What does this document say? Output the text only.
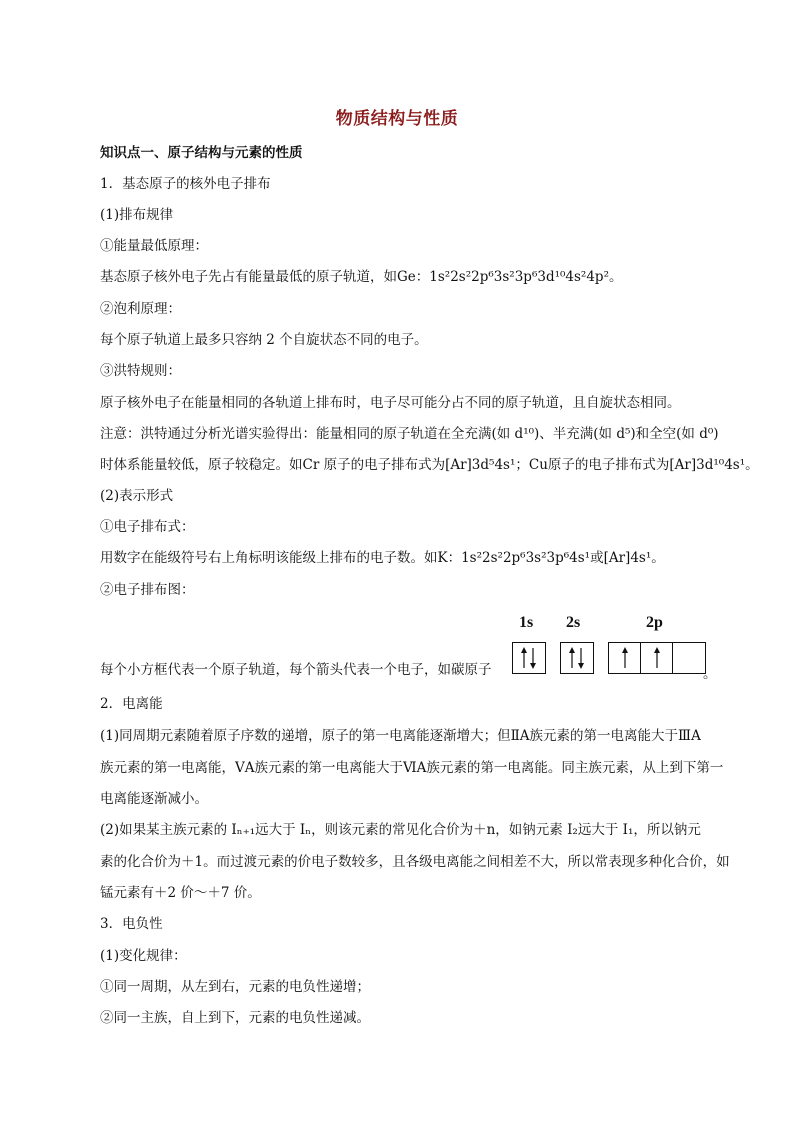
物质结构与性质
知识点一、原子结构与元素的性质
1．基态原子的核外电子排布
(1)排布规律
①能量最低原理：
基态原子核外电子先占有能量最低的原子轨道，如Ge：1s²2s²2p⁶3s²3p⁶3d¹⁰4s²4p²。
②泡利原理：
每个原子轨道上最多只容纳 2 个自旋状态不同的电子。
③洪特规则：
原子核外电子在能量相同的各轨道上排布时，电子尽可能分占不同的原子轨道，且自旋状态相同。
注意：洪特通过分析光谱实验得出：能量相同的原子轨道在全充满(如 d¹⁰)、半充满(如 d⁵)和全空(如 d⁰)
时体系能量较低，原子较稳定。如Cr 原子的电子排布式为[Ar]3d⁵4s¹；Cu原子的电子排布式为[Ar]3d¹⁰4s¹。
(2)表示形式
①电子排布式：
用数字在能级符号右上角标明该能级上排布的电子数。如K：1s²2s²2p⁶3s²3p⁶4s¹或[Ar]4s¹。
②电子排布图：
每个小方框代表一个原子轨道，每个箭头代表一个电子，如碳原子
1s 2s	2p
。
2．电离能
(1)同周期元素随着原子序数的递增，原子的第一电离能逐渐增大；但ⅡA族元素的第一电离能大于ⅢA
族元素的第一电离能，ⅤA族元素的第一电离能大于ⅥA族元素的第一电离能。同主族元素，从上到下第一
电离能逐渐减小。
(2)如果某主族元素的 Iₙ₊₁远大于 Iₙ，则该元素的常见化合价为＋n，如钠元素 I₂远大于 I₁，所以钠元
素的化合价为＋1。而过渡元素的价电子数较多，且各级电离能之间相差不大，所以常表现多种化合价，如
锰元素有＋2 价～＋7 价。
3．电负性
(1)变化规律：
①同一周期，从左到右，元素的电负性递增；
②同一主族，自上到下，元素的电负性递减。
